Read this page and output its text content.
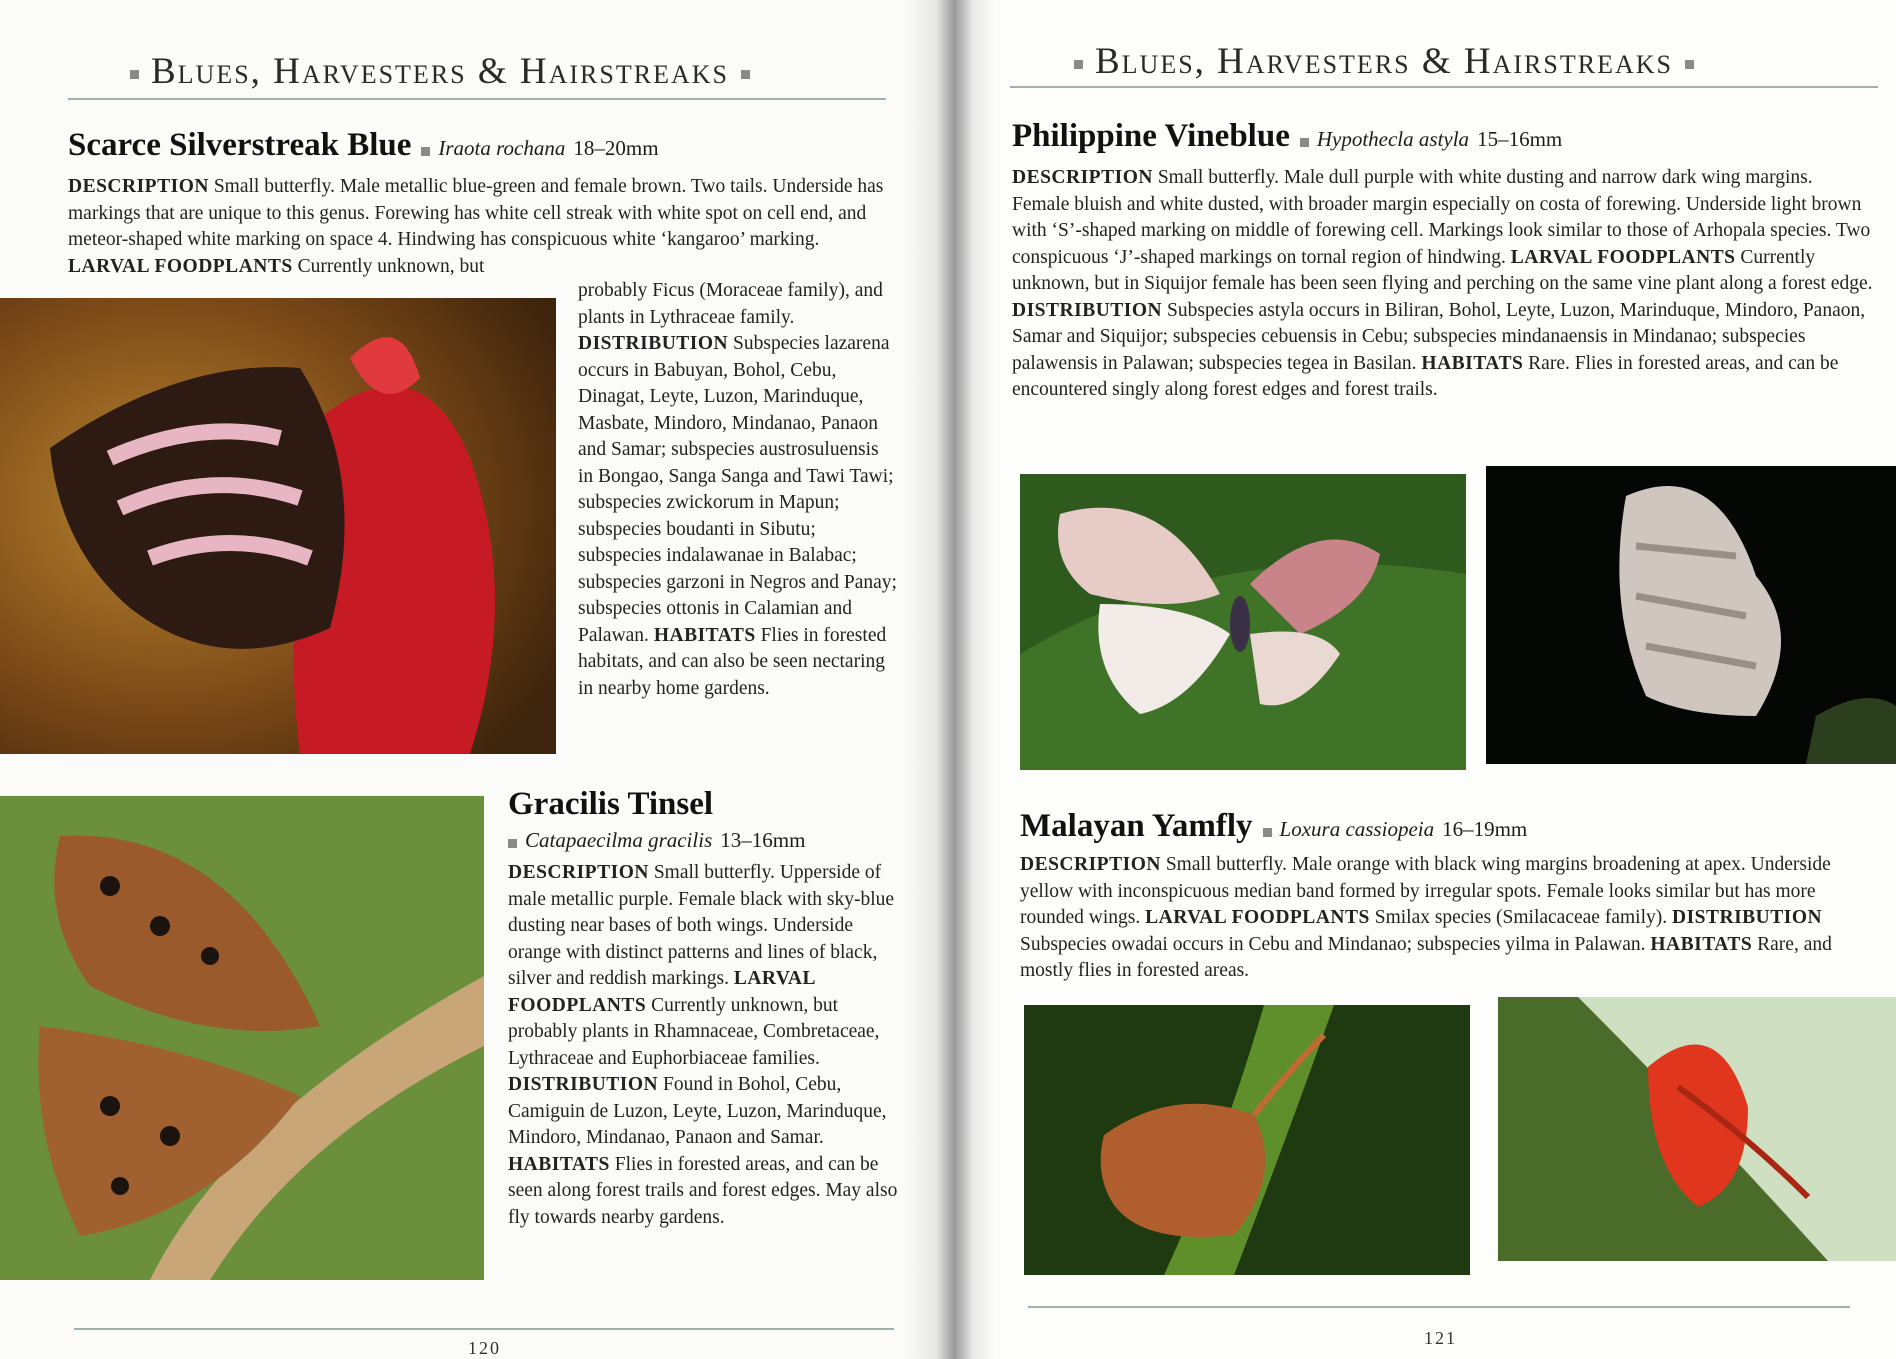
Blues, Harvesters & Hairstreaks
Scarce Silverstreak Blue Iraota rochana 18–20mm

DESCRIPTION Small butterfly. Male metallic blue-green and female brown. Two tails. Underside has markings that are unique to this genus. Forewing has white cell streak with white spot on cell end, and meteor-shaped white marking on space 4. Hindwing has conspicuous white ‘kangaroo’ marking. LARVAL FOODPLANTS Currently unknown, but

probably Ficus (Moraceae family), and plants in Lythraceae family. DISTRIBUTION Subspecies lazarena occurs in Babuyan, Bohol, Cebu, Dinagat, Leyte, Luzon, Marinduque, Masbate, Mindoro, Mindanao, Panaon and Samar; subspecies austrosuluensis in Bongao, Sanga Sanga and Tawi Tawi; subspecies zwickorum in Mapun; subspecies boudanti in Sibutu; subspecies indalawanae in Balabac; subspecies garzoni in Negros and Panay; subspecies ottonis in Calamian and Palawan. HABITATS Flies in forested habitats, and can also be seen nectaring in nearby home gardens.

Gracilis Tinsel
Catapaecilma gracilis 13–16mm

DESCRIPTION Small butterfly. Upperside of male metallic purple. Female black with sky-blue dusting near bases of both wings. Underside orange with distinct patterns and lines of black, silver and reddish markings. LARVAL FOODPLANTS Currently unknown, but probably plants in Rhamnaceae, Combretaceae, Lythraceae and Euphorbiaceae families. DISTRIBUTION Found in Bohol, Cebu, Camiguin de Luzon, Leyte, Luzon, Marinduque, Mindoro, Mindanao, Panaon and Samar. HABITATS Flies in forested areas, and can be seen along forest trails and forest edges. May also fly towards nearby gardens.

120
Blues, Harvesters & Hairstreaks
Philippine Vineblue Hypothecla astyla 15–16mm

DESCRIPTION Small butterfly. Male dull purple with white dusting and narrow dark wing margins. Female bluish and white dusted, with broader margin especially on costa of forewing. Underside light brown with ‘S’-shaped marking on middle of forewing cell. Markings look similar to those of Arhopala species. Two conspicuous ‘J’-shaped markings on tornal region of hindwing. LARVAL FOODPLANTS Currently unknown, but in Siquijor female has been seen flying and perching on the same vine plant along a forest edge. DISTRIBUTION Subspecies astyla occurs in Biliran, Bohol, Leyte, Luzon, Marinduque, Mindoro, Panaon, Samar and Siquijor; subspecies cebuensis in Cebu; subspecies mindanaensis in Mindanao; subspecies palawensis in Palawan; subspecies tegea in Basilan. HABITATS Rare. Flies in forested areas, and can be encountered singly along forest edges and forest trails.

Malayan Yamfly Loxura cassiopeia 16–19mm

DESCRIPTION Small butterfly. Male orange with black wing margins broadening at apex. Underside yellow with inconspicuous median band formed by irregular spots. Female looks similar but has more rounded wings. LARVAL FOODPLANTS Smilax species (Smilacaceae family). DISTRIBUTION Subspecies owadai occurs in Cebu and Mindanao; subspecies yilma in Palawan. HABITATS Rare, and mostly flies in forested areas.

121
